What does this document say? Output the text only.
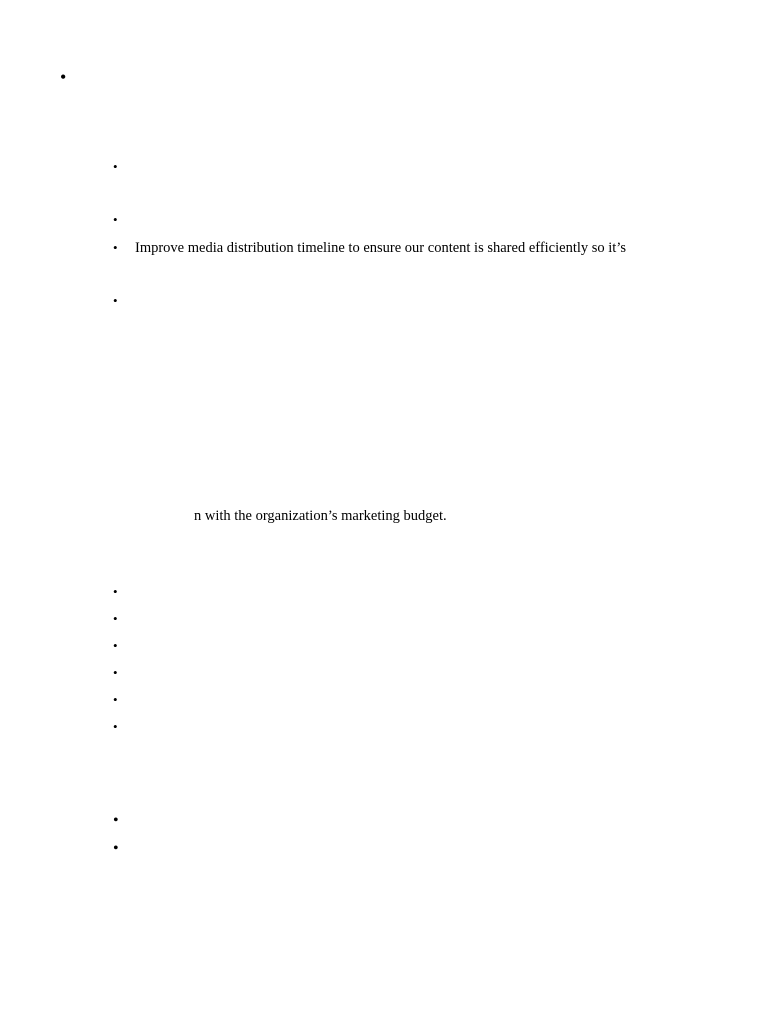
•
•
•
• Improve media distribution timeline to ensure our content is shared efficiently so it’s
•
n with the organization’s marketing budget.
•
•
•
•
•
•
•
•
